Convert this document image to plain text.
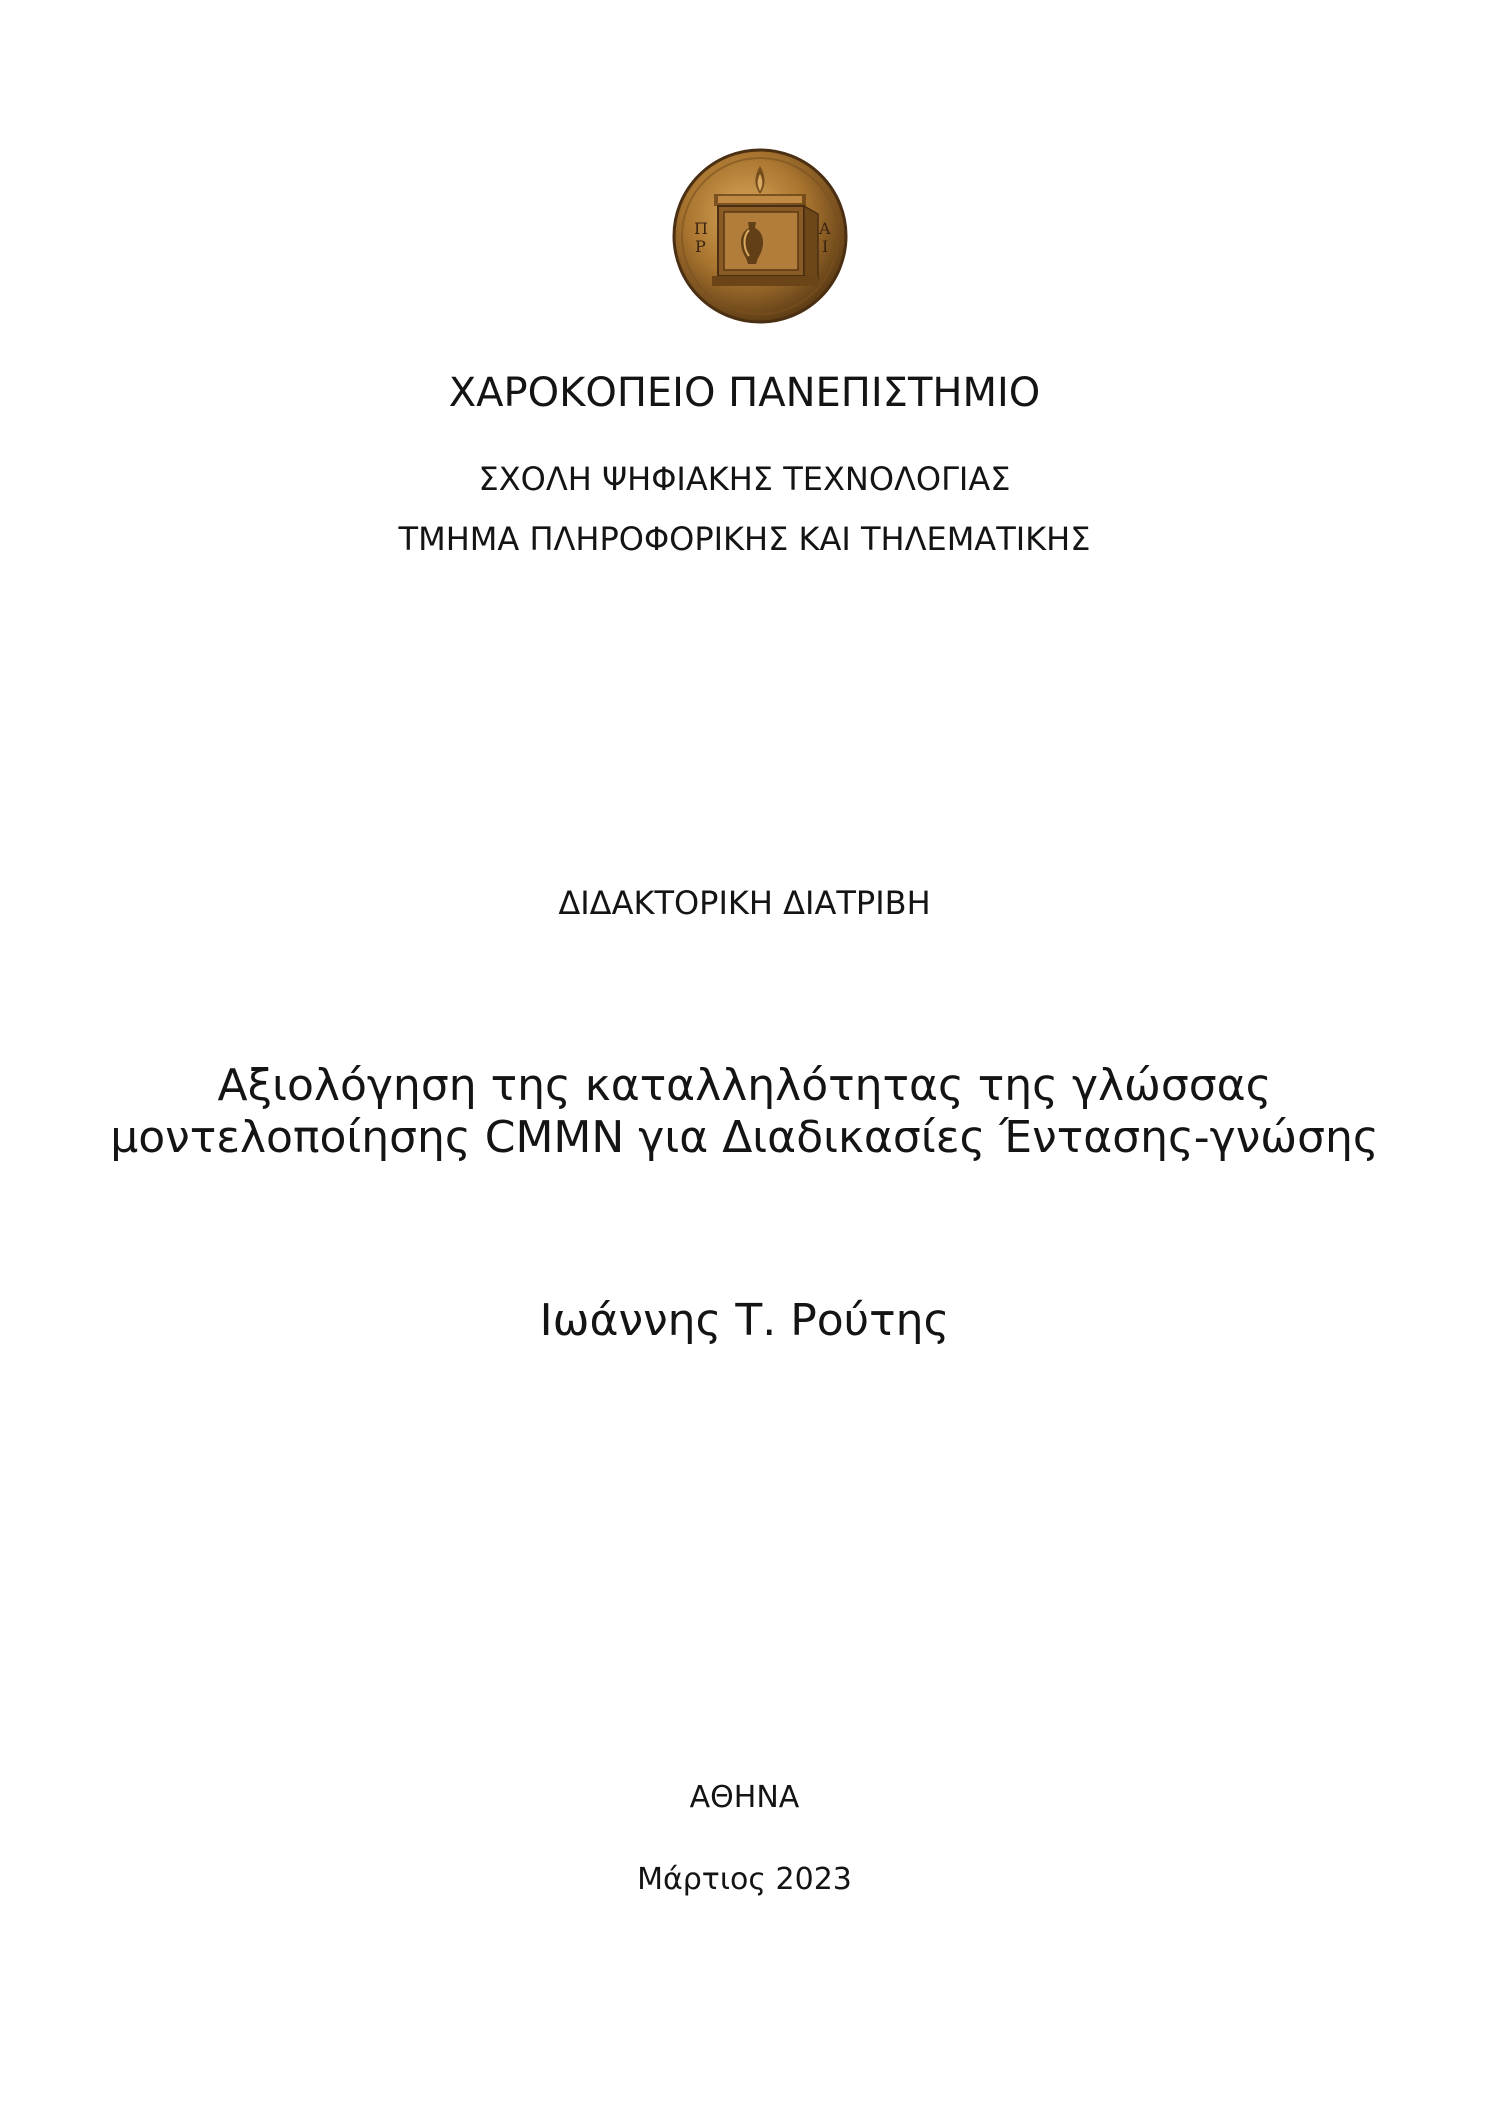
Π
Ρ
Α
Ι
ΧΑΡΟΚΟΠΕΙΟ ΠΑΝΕΠΙΣΤΗΜΙΟ
ΣΧΟΛΗ ΨΗΦΙΑΚΗΣ ΤΕΧΝΟΛΟΓΙΑΣ
ΤΜΗΜΑ ΠΛΗΡΟΦΟΡΙΚΗΣ ΚΑΙ ΤΗΛΕΜΑΤΙΚΗΣ
ΔΙΔΑΚΤΟΡΙΚΗ ΔΙΑΤΡΙΒΗ
Αξιολόγηση της καταλληλότητας της γλώσσας
μοντελοποίησης CMMN για Διαδικασίες Έντασης-γνώσης
Ιωάννης Τ. Ρούτης
ΑΘΗΝΑ
Μάρτιος 2023
